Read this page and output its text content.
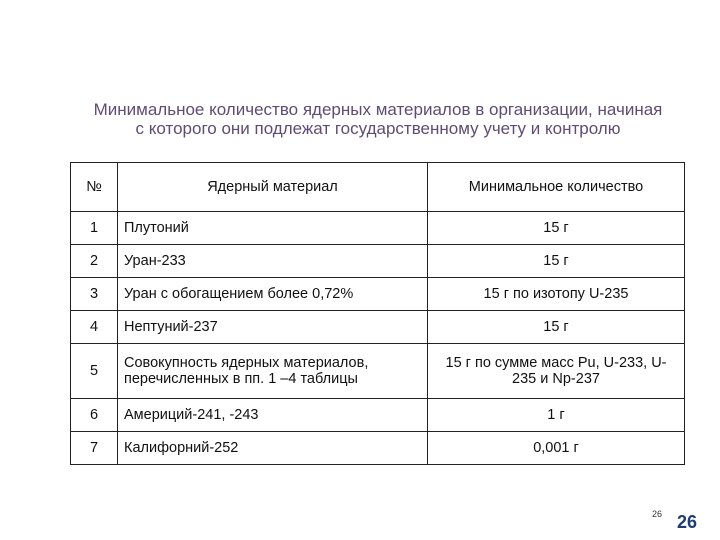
Минимальное количество ядерных материалов в организации, начиная с которого они подлежат государственному учету и контролю
№	Ядерный материал	Минимальное количество
1	Плутоний	15 г
2	Уран-233	15 г
3	Уран с обогащением более 0,72%	15 г по изотопу U-235
4	Нептуний-237	15 г
5	Совокупность ядерных материалов, перечисленных в пп. 1 –4 таблицы	15 г по сумме масс Pu, U-233, U-235 и Np-237
6	Америций-241, -243	1 г
7	Калифорний-252	0,001 г
26 26
